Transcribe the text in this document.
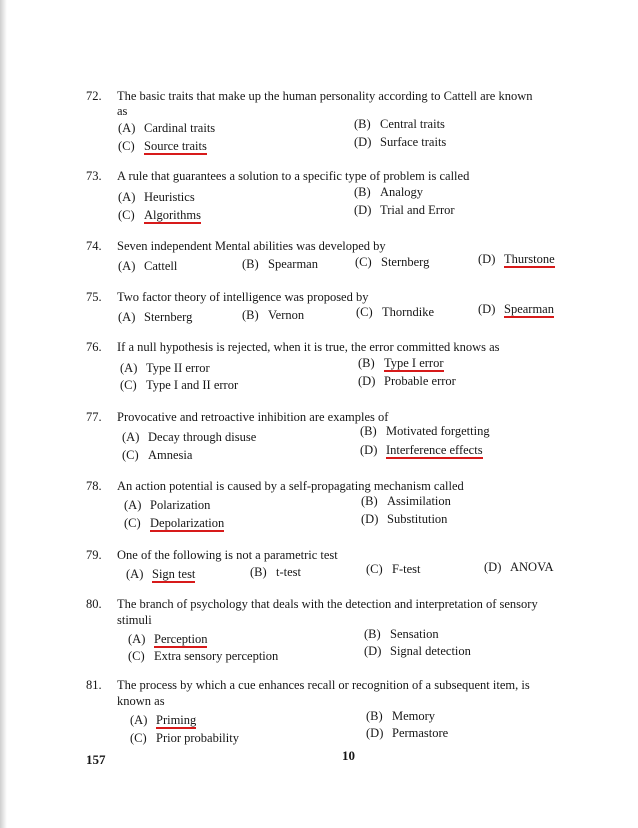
72.	The basic traits that make up the human personality according to Cattell are known
as
(A) Cardinal traits	(B) Central traits
(C) Source traits	(D) Surface traits
73.	A rule that guarantees a solution to a specific type of problem is called
(A) Heuristics	(B) Analogy
(C) Algorithms	(D) Trial and Error
74.	Seven independent Mental abilities was developed by
(A) Cattell	(B) Spearman	(C) Sternberg	(D) Thurstone
75.	Two factor theory of intelligence was proposed by
(A) Sternberg	(B) Vernon	(C) Thorndike	(D) Spearman
76.	If a null hypothesis is rejected, when it is true, the error committed knows as
(A) Type II error	(B) Type I error
(C) Type I and II error	(D) Probable error
77.	Provocative and retroactive inhibition are examples of
(A) Decay through disuse	(B) Motivated forgetting
(C) Amnesia	(D) Interference effects
78.	An action potential is caused by a self-propagating mechanism called
(A) Polarization	(B) Assimilation
(C) Depolarization	(D) Substitution
79.	One of the following is not a parametric test
(A) Sign test	(B) t-test	(C) F-test	(D) ANOVA
80.	The branch of psychology that deals with the detection and interpretation of sensory
stimuli
(A) Perception	(B) Sensation
(C) Extra sensory perception	(D) Signal detection
81.	The process by which a cue enhances recall or recognition of a subsequent item, is
known as
(A) Priming	(B) Memory
(C) Prior probability	(D) Permastore
157	10
